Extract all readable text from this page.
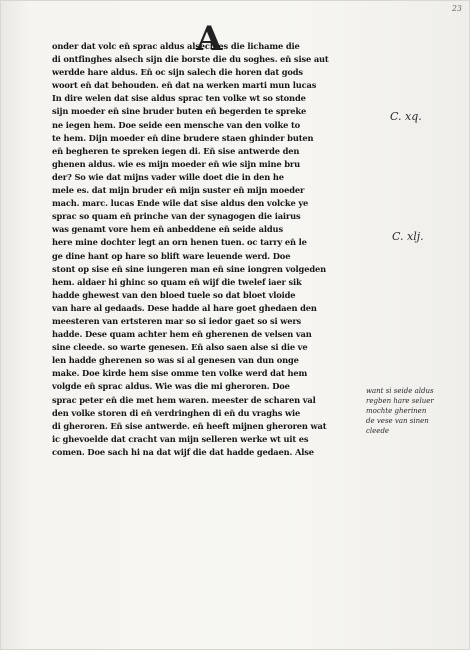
23
A
onder dat volc en̄ sprac aldus alsech es die lichame die
di ontfinghes alsech sijn die borste die du soghes. en̄ sise aut
werdde hare aldus. En̄ oc sijn salech die horen dat gods
woort en̄ dat behouden. en̄ dat na werken marti mun lucas
In dire welen dat sise aldus sprac ten volke wt so stonde
sijn moeder en̄ sine bruder buten en̄ begerden te spreke
ne iegen hem. Doe seide een mensche van den volke to
te hem. Dijn moeder en̄ dine brudere staen ghinder buten
en̄ begheren te spreken iegen di. En̄ sise antwerde den
ghenen aldus. wie es mijn moeder en̄ wie sijn mine bru
der? So wie dat mijns vader wille doet die in den he
mele es. dat mijn bruder en̄ mijn suster en̄ mijn moeder
mach. marc. lucas Ende wile dat sise aldus den volcke ye
sprac so quam en̄ prinche van der synagogen die iairus
was genamt vore hem en̄ anbeddene en̄ seide aldus
here mine dochter legt an orn henen tuen. oc tarry en̄ le
ge dine hant op hare so blift ware leuende werd. Doe
stont op sise en̄ sine iungeren man en̄ sine iongren volgeden
hem. aldaer hi ghinc so quam en̄ wijf die twelef iaer sik
hadde ghewest van den bloed tuele so dat bloet vloide
van hare al gedaads. Dese hadde al hare goet ghedaen den
meesteren van ertsteren mar so si iedor gaet so si wers
hadde. Dese quam achter hem en̄ gherenen de velsen van
sine cleede. so warte genesen. En̄ also saen alse si die ve
len hadde gherenen so was si al genesen van dun onge
make. Doe kirde hem sise omme ten volke werd dat hem
volgde en̄ sprac aldus. Wie was die mi gheroren. Doe
sprac peter en̄ die met hem waren. meester de scharen val
den volke storen di en̄ verdringhen di en̄ du vraghs wie
di gheroren. En̄ sise antwerde. en̄ heeft mijnen gheroren wat
ic ghevoelde dat cracht van mijn selleren werke wt uit es
comen. Doe sach hi na dat wijf die dat hadde gedaen. Alse
C. xq.
C. xlj.
want si seide aldus
regben hare seluer
mochte gherinen
de vese van sinen
cleede
